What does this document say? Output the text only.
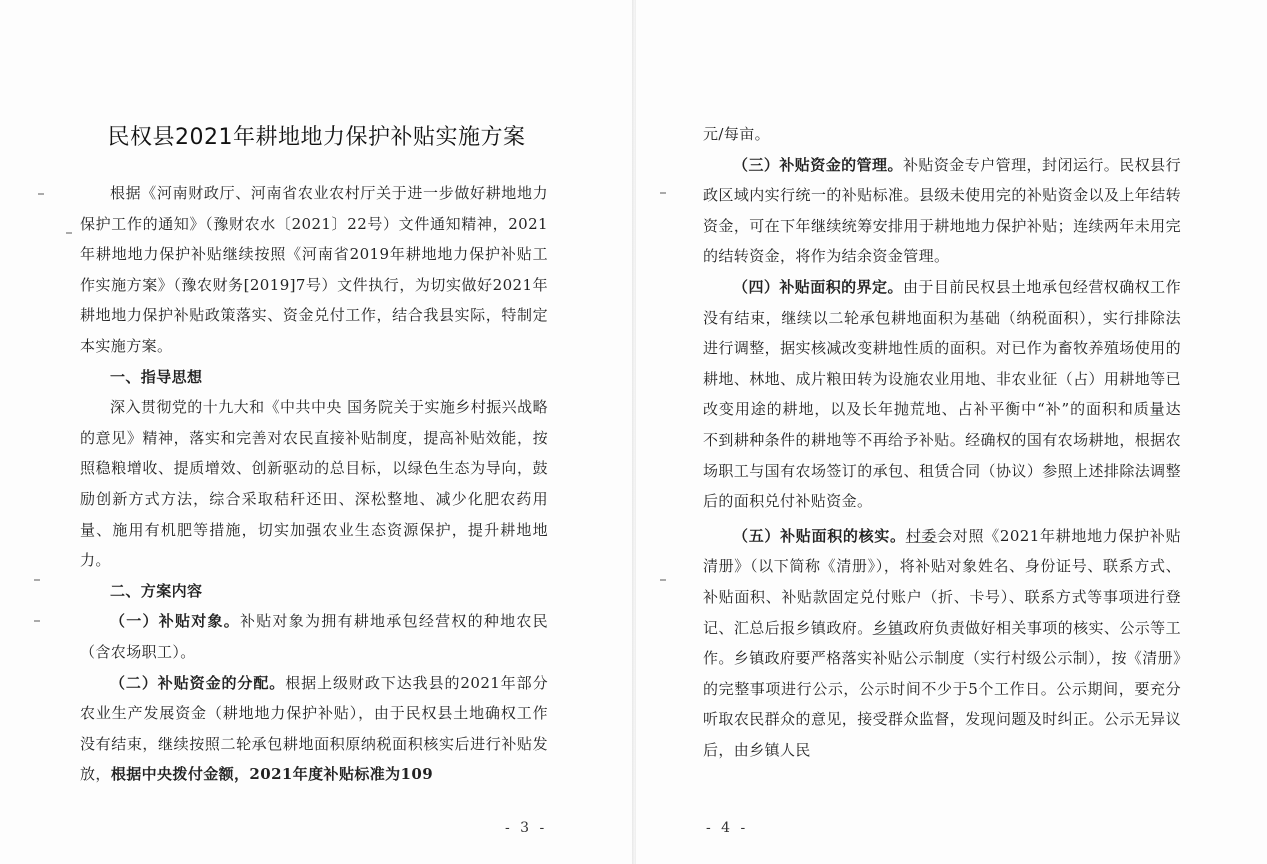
民权县2021年耕地地力保护补贴实施方案

根据《河南财政厅、河南省农业农村厅关于进一步做好耕地地力保护工作的通知》（豫财农水〔2021〕22号）文件通知精神，2021年耕地地力保护补贴继续按照《河南省2019年耕地地力保护补贴工作实施方案》（豫农财务[2019]7号）文件执行，为切实做好2021年耕地地力保护补贴政策落实、资金兑付工作，结合我县实际，特制定本实施方案。

一、指导思想

深入贯彻党的十九大和《中共中央 国务院关于实施乡村振兴战略的意见》精神，落实和完善对农民直接补贴制度，提高补贴效能，按照稳粮增收、提质增效、创新驱动的总目标，以绿色生态为导向，鼓励创新方式方法，综合采取秸秆还田、深松整地、减少化肥农药用量、施用有机肥等措施，切实加强农业生态资源保护，提升耕地地力。

二、方案内容

（一）补贴对象。补贴对象为拥有耕地承包经营权的种地农民（含农场职工）。

（二）补贴资金的分配。根据上级财政下达我县的2021年部分农业生产发展资金（耕地地力保护补贴），由于民权县土地确权工作没有结束，继续按照二轮承包耕地面积原纳税面积核实后进行补贴发放，根据中央拨付金额，2021年度补贴标准为109

- 3 -

元/每亩。

（三）补贴资金的管理。补贴资金专户管理，封闭运行。民权县行政区域内实行统一的补贴标准。县级未使用完的补贴资金以及上年结转资金，可在下年继续统筹安排用于耕地地力保护补贴；连续两年未用完的结转资金，将作为结余资金管理。

（四）补贴面积的界定。由于目前民权县土地承包经营权确权工作没有结束，继续以二轮承包耕地面积为基础（纳税面积），实行排除法进行调整，据实核减改变耕地性质的面积。对已作为畜牧养殖场使用的耕地、林地、成片粮田转为设施农业用地、非农业征（占）用耕地等已改变用途的耕地，以及长年抛荒地、占补平衡中“补”的面积和质量达不到耕种条件的耕地等不再给予补贴。经确权的国有农场耕地，根据农场职工与国有农场签订的承包、租赁合同（协议）参照上述排除法调整后的面积兑付补贴资金。

（五）补贴面积的核实。村委会对照《2021年耕地地力保护补贴清册》（以下简称《清册》），将补贴对象姓名、身份证号、联系方式、补贴面积、补贴款固定兑付账户（折、卡号）、联系方式等事项进行登记、汇总后报乡镇政府。乡镇政府负责做好相关事项的核实、公示等工作。乡镇政府要严格落实补贴公示制度（实行村级公示制），按《清册》的完整事项进行公示，公示时间不少于5个工作日。公示期间，要充分听取农民群众的意见，接受群众监督，发现问题及时纠正。公示无异议后，由乡镇人民

- 4 -
